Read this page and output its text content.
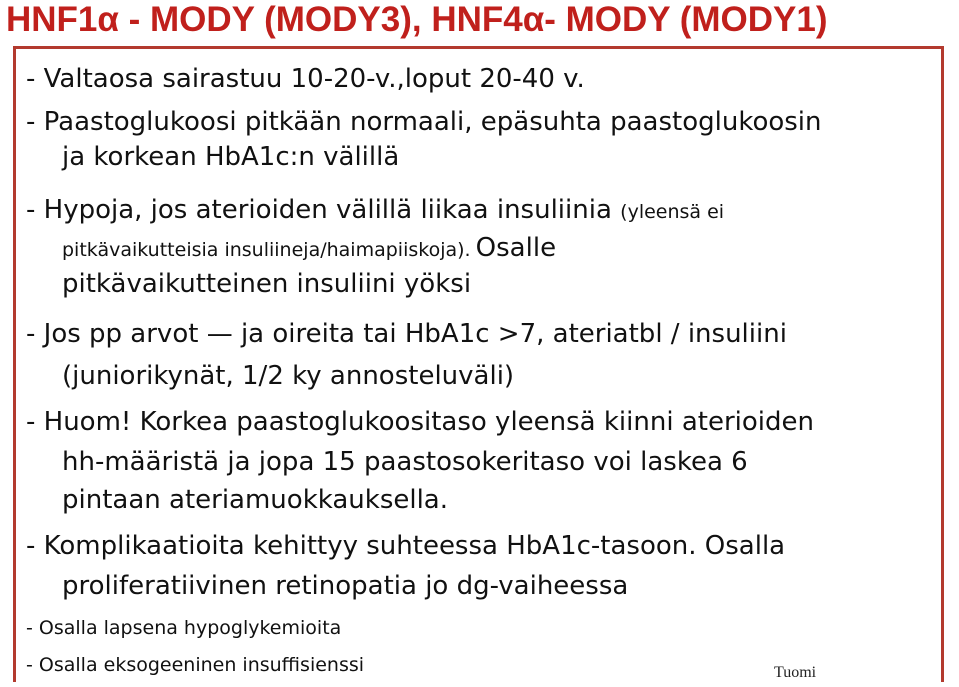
HNF1α - MODY (MODY3), HNF4α- MODY (MODY1)
- Valtaosa sairastuu 10-20-v.,loput 20-40 v.
- Paastoglukoosi pitkään normaali, epäsuhta paastoglukoosin
ja korkean HbA1c:n välillä
- Hypoja, jos aterioiden välillä liikaa insuliinia (yleensä ei
pitkävaikutteisia insuliineja/haimapiiskoja). Osalle
pitkävaikutteinen insuliini yöksi
- Jos pp arvot — ja oireita tai HbA1c >7, ateriatbl / insuliini
(juniorikynät, 1/2 ky annosteluväli)
- Huom! Korkea paastoglukoositaso yleensä kiinni aterioiden
hh-määristä ja jopa 15 paastosokeritaso voi laskea 6
pintaan ateriamuokkauksella.
- Komplikaatioita kehittyy suhteessa HbA1c-tasoon. Osalla
proliferatiivinen retinopatia jo dg-vaiheessa
- Osalla lapsena hypoglykemioita
- Osalla eksogeeninen insuffisienssi	Tuomi
